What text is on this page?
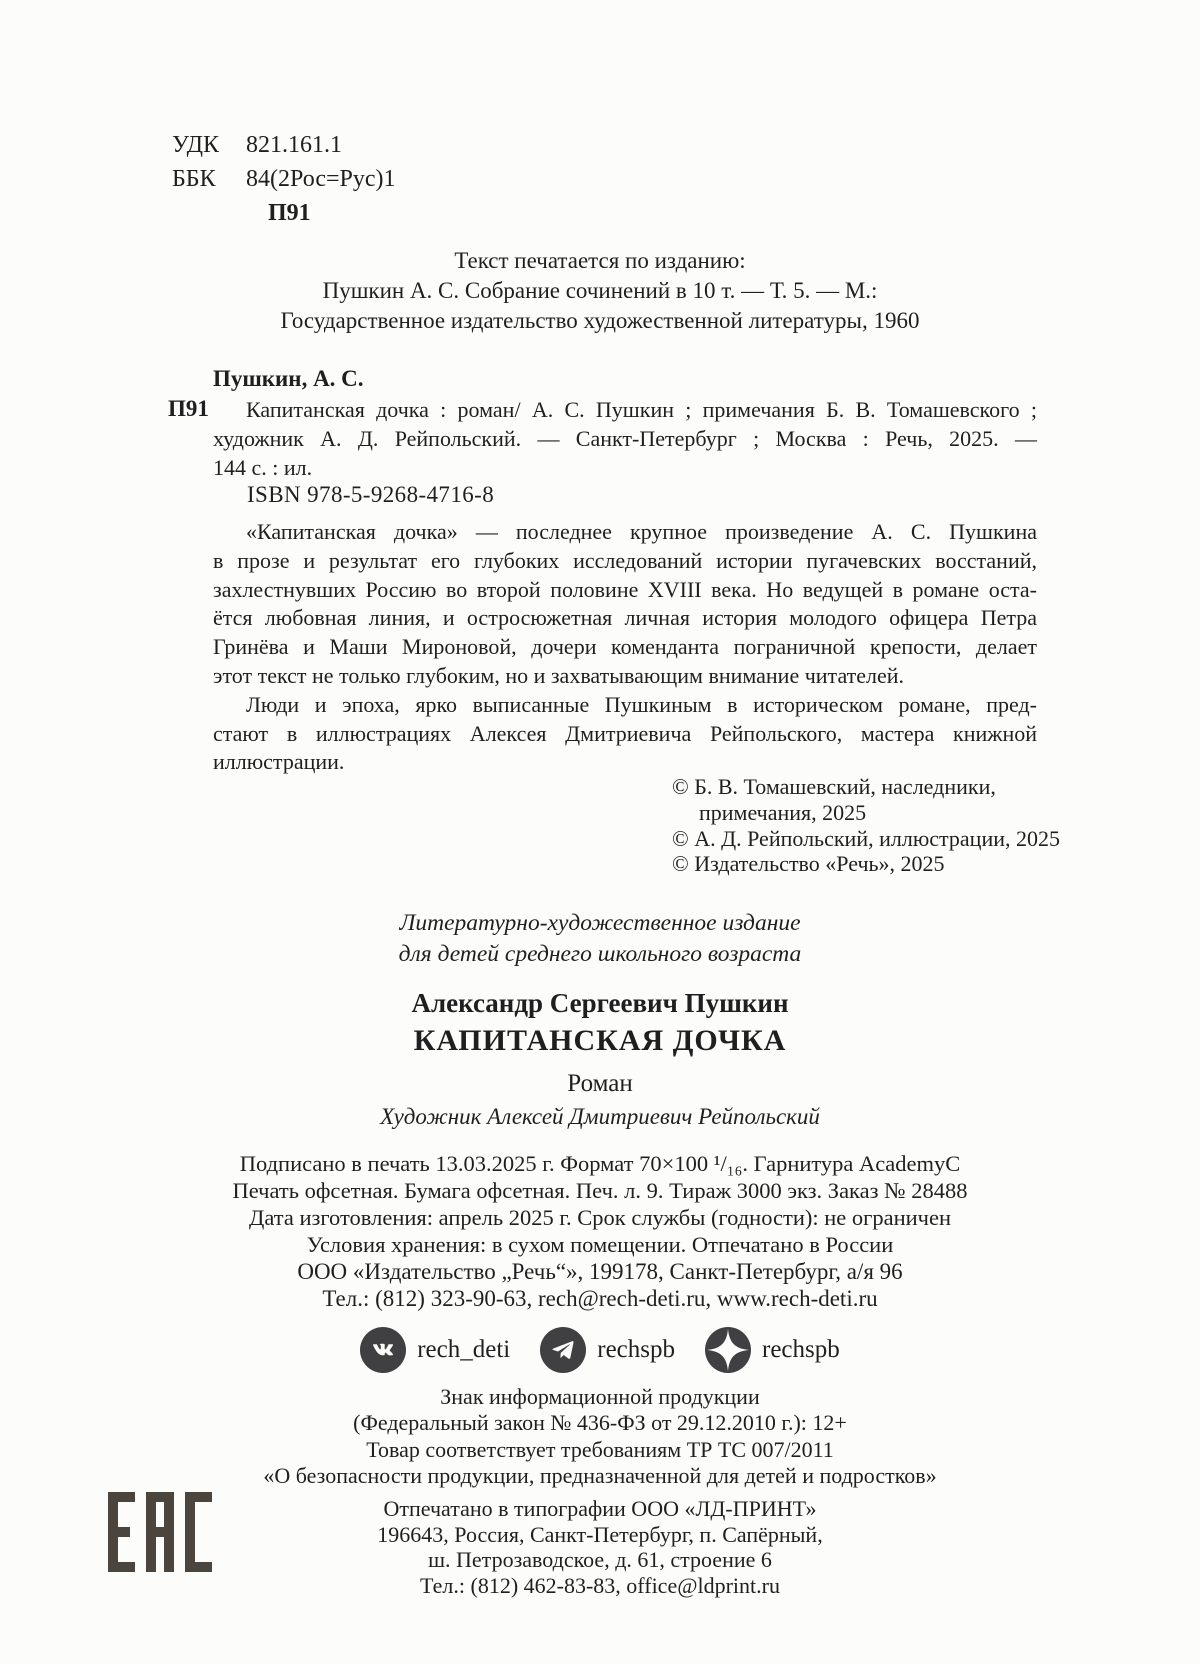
УДК	821.161.1
ББК	84(2Рос=Рус)1
П91
Текст печатается по изданию:
Пушкин А. С. Собрание сочинений в 10 т. — Т. 5. — М.:
Государственное издательство художественной литературы, 1960
Пушкин, А. С.
П91	Капитанская дочка : роман/ А. С. Пушкин ; примечания Б. В. Томашевского ;
художник А. Д. Рейпольский. — Санкт-Петербург ; Москва : Речь, 2025. —
144 с. : ил.
ISBN 978-5-9268-4716-8
«Капитанская дочка» — последнее крупное произведение А. С. Пушкина
в прозе и результат его глубоких исследований истории пугачевских восстаний,
захлестнувших Россию во второй половине XVIII века. Но ведущей в романе оста-
ётся любовная линия, и остросюжетная личная история молодого офицера Петра
Гринёва и Маши Мироновой, дочери коменданта пограничной крепости, делает
этот текст не только глубоким, но и захватывающим внимание читателей.
Люди и эпоха, ярко выписанные Пушкиным в историческом романе, пред-
стают в иллюстрациях Алексея Дмитриевича Рейпольского, мастера книжной
иллюстрации.
© Б. В. Томашевский, наследники,
примечания, 2025
© А. Д. Рейпольский, иллюстрации, 2025
© Издательство «Речь», 2025
Литературно-художественное издание
для детей среднего школьного возраста
Александр Сергеевич Пушкин
КАПИТАНСКАЯ ДОЧКА
Роман
Художник Алексей Дмитриевич Рейпольский
Подписано в печать 13.03.2025 г. Формат 70×100 ¹/₁₆. Гарнитура AcademyC
Печать офсетная. Бумага офсетная. Печ. л. 9. Тираж 3000 экз. Заказ № 28488
Дата изготовления: апрель 2025 г. Срок службы (годности): не ограничен
Условия хранения: в сухом помещении. Отпечатано в России
ООО «Издательство „Речь“», 199178, Санкт-Петербург, а/я 96
Тел.: (812) 323-90-63, rech@rech-deti.ru, www.rech-deti.ru
rech_deti	rechspb	rechspb
Знак информационной продукции
(Федеральный закон № 436-ФЗ от 29.12.2010 г.): 12+
Товар соответствует требованиям ТР ТС 007/2011
«О безопасности продукции, предназначенной для детей и подростков»
Отпечатано в типографии ООО «ЛД-ПРИНТ»
196643, Россия, Санкт-Петербург, п. Сапёрный,
ш. Петрозаводское, д. 61, строение 6
Тел.: (812) 462-83-83, office@ldprint.ru
